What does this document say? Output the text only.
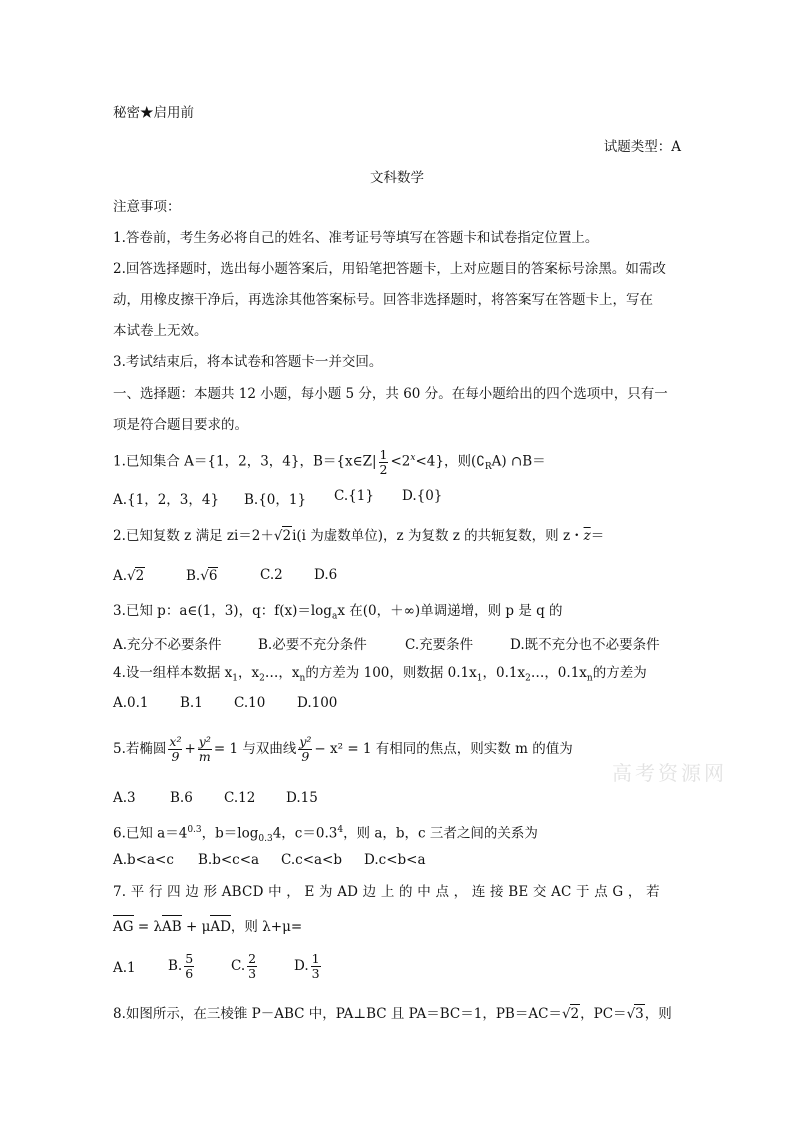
秘密★启用前
试题类型：A
文科数学
注意事项：
1.答卷前，考生务必将自己的姓名、准考证号等填写在答题卡和试卷指定位置上。
2.回答选择题时，选出每小题答案后，用铅笔把答题卡，上对应题目的答案标号涂黑。如需改
动，用橡皮擦干净后，再选涂其他答案标号。回答非选择题时，将答案写在答题卡上，写在
本试卷上无效。
3.考试结束后，将本试卷和答题卡一并交回。
一、选择题：本题共 12 小题，每小题 5 分，共 60 分。在每小题给出的四个选项中，只有一
项是符合题目要求的。
1.已知集合 A＝{1，2，3，4}，B＝{x∈Z| $\frac{1}{2} <2^x<4$}，则$(∁_RA)$ ∩B＝
A.{1，2，3，4} B.{0，1} C.{1} D.{0}
2.已知复数 z 满足 zi＝2＋√2i(i 为虚数单位)，z 为复数 z 的共轭复数，则 z・$\overline{z}=$
A.√2	B.√6	C.2 D.6
3.已知 p：a∈(1，3)，q：$f(x)=\log_ax$ 在(0，＋∞)单调递增，则 p 是 q 的
A.充分不必要条件	B.必要不充分条件	C.充要条件	D.既不充分也不必要条件
4.设一组样本数据 $x_1$，$x_2\dots$，$x_n$的方差为 100，则数据 $0.1x_1$，$0.1x_2\dots$，$0.1x_n$的方差为
A.0.1 B.1 C.10 D.100
5.若椭圆 $\frac{\text{x²}}{9} + \frac{\text{y²}}{m} = 1$ 与双曲线 $\frac{\text{y²}}{9} - x^2 = 1$ 有相同的焦点，则实数 m 的值为
A.3	B.6 C.12 D.15
6.已知 $a=4^{0.3}$，$b=\log_{0.3}4$，$c=0.3^4$，则 a，b，c 三者之间的关系为
A.b<a<c B.b<c<a C.c<a<b D.c<b<a
7. 平 行 四 边 形 ABCD 中 ， E 为 AD 边 上 的 中 点 ， 连 接 BE 交 AC 于 点 G ， 若
AG = λAB + μAD，则 λ+μ=
A.1 B. $\frac{5}{6}$	C. $\frac{2}{3}$	D. $\frac{1}{3}$
8.如图所示，在三棱锥 P－ABC 中，PA⊥BC 且 PA＝BC＝1，PB＝AC＝√2，PC＝√3，则
高考资源网
